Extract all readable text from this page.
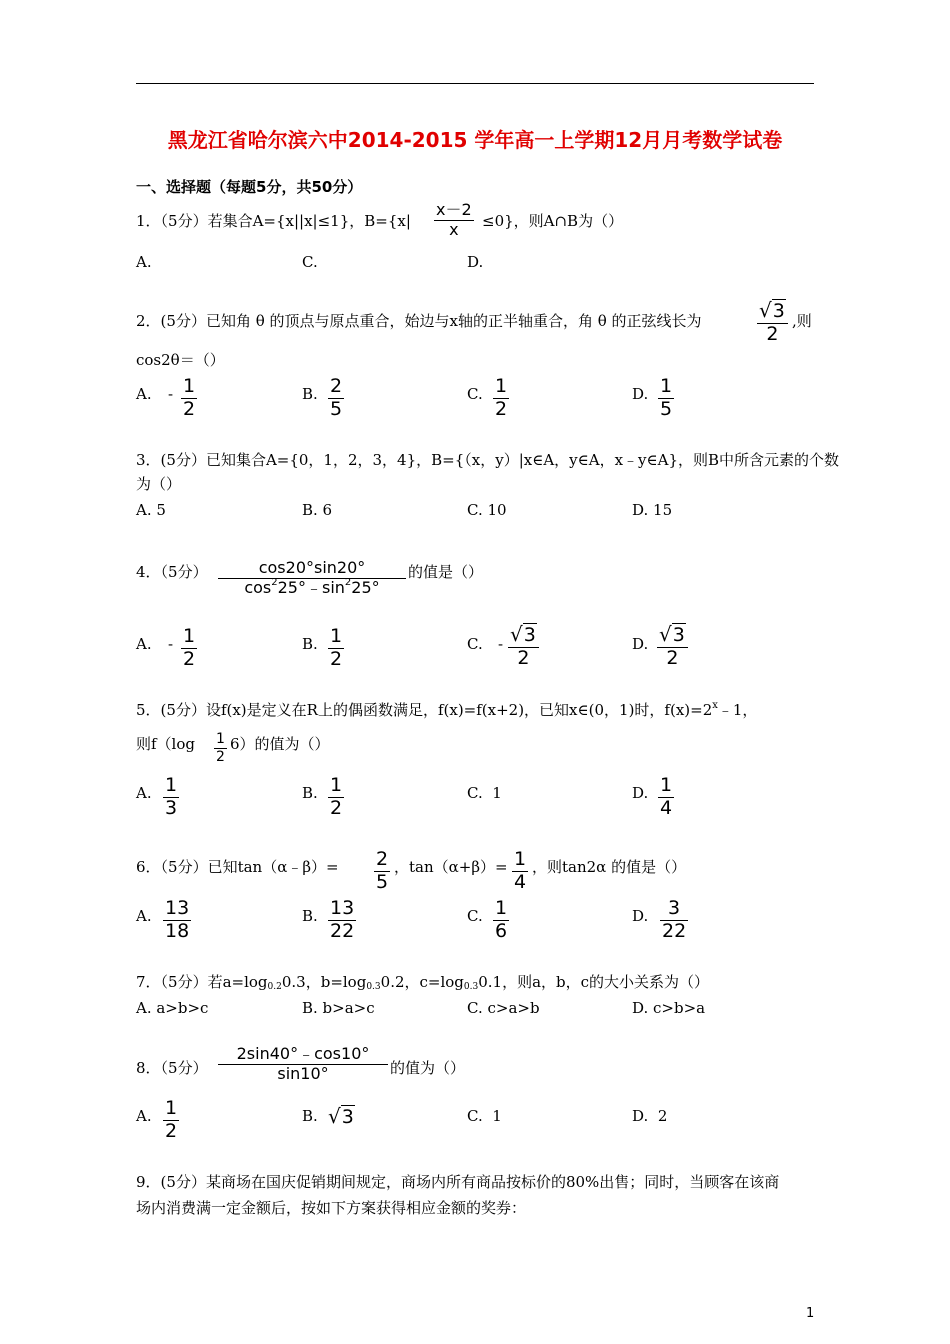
黑龙江省哈尔滨六中2014-2015 学年高一上学期12月月考数学试卷
一、选择题（每题5分，共50分）
1．（5分）若集合A={x||x|≤1}，B={x|
x－2
x	≤0}，则A∩B为（）
A.	C.	D.
2．(5分）已知角 θ 的顶点与原点重合，始边与x轴的正半轴重合，角 θ 的正弦线长为	√3
2
,则
cos2θ＝（）
A. - 1
2
B. 2
5
C. 1
2
D. 1
5
3．(5分）已知集合A={0，1，2，3，4}，B={（x，y）|x∈A，y∈A，x﹣y∈A}，则B中所含元素的个数
为（）
A. 5	B. 6	C. 10	D. 15
4．（5分）	cos20°sin20°
$\cos^225^\circ﹣\sin^225^\circ$
的值是（）
A. - 1
2
B. 1
2
C. - √3
2
D. √3
2
5．(5分）设f(x)是定义在R上的偶函数满足，f(x)=f(x+2)，已知x∈(0，1)时，$f(x)=2^x﹣1$，
则f（log 1
2
6）的值为（）
A. 1
3
B. 1
2
C. 1	D. 1
4
6．（5分）已知tan（α﹣β）= 2
5
，tan（α+β）= 1
4
，则tan2α 的值是（）
A. 13
18
B. 13
22
C. 1
6
D.	3
22
7．（5分）若$a=\log_{0.2}0.3$，$b=\log_{0.3}0.2$，$c=\log_{0.3}0.1$，则a，b，c的大小关系为（）
A. a>b>c	B. b>a>c	C. c>a>b	D. c>b>a
8．（5分）
2sin40°﹣cos10°
sin10°	的值为（）
A. 1
2
B. √3	C. 1	D. 2
9．(5分）某商场在国庆促销期间规定，商场内所有商品按标价的80%出售；同时，当顾客在该商
场内消费满一定金额后，按如下方案获得相应金额的奖券：
1
